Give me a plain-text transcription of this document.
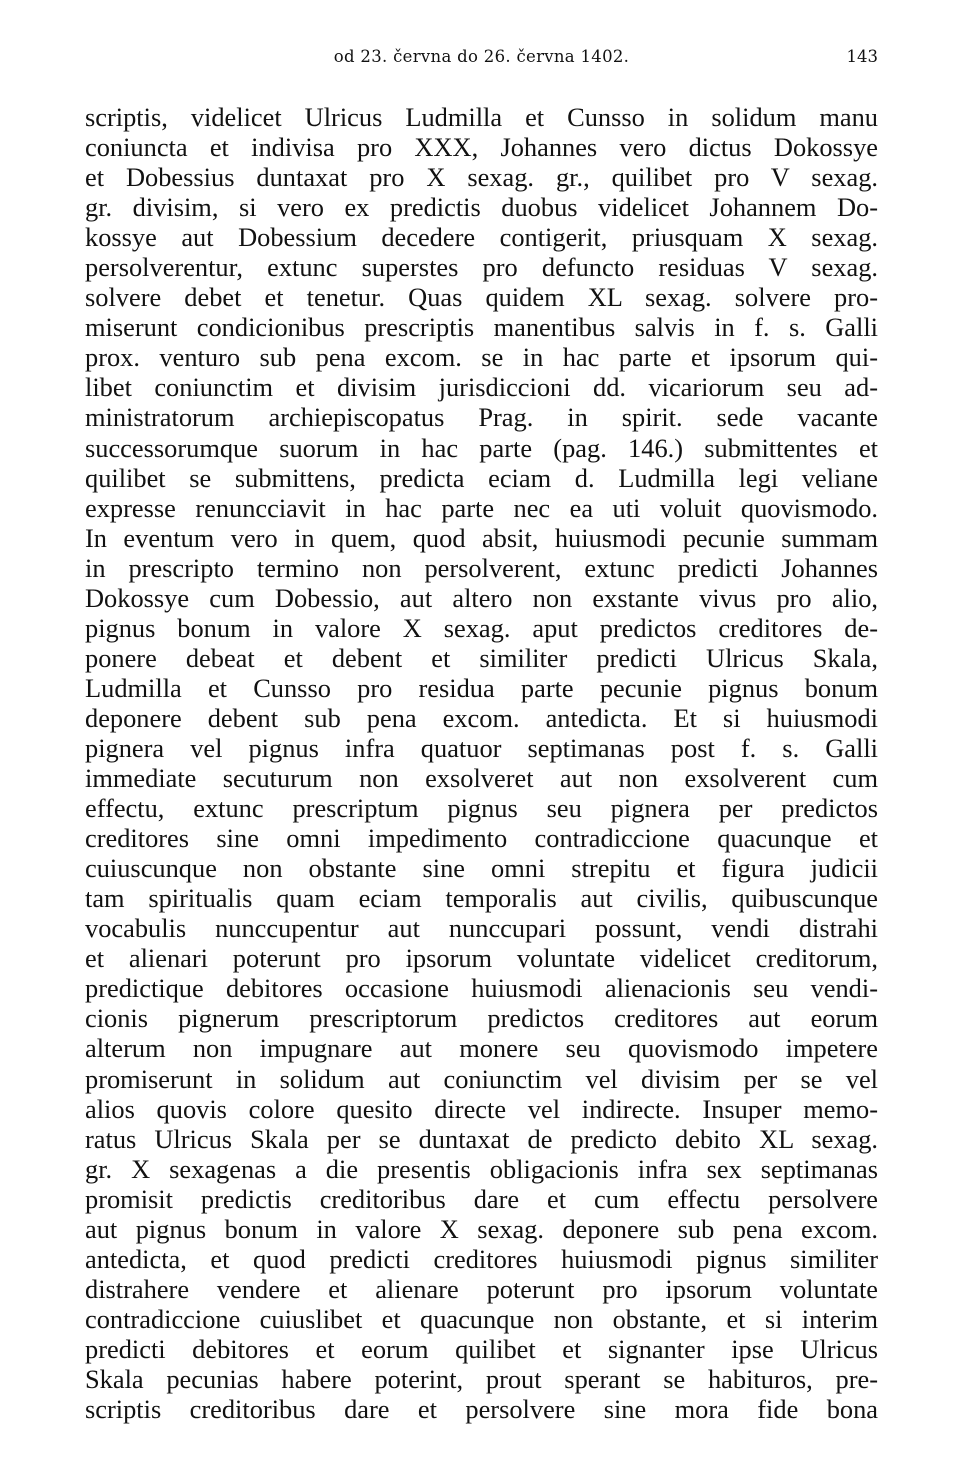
od 23. června do 26. června 1402.	143
scriptis, videlicet Ulricus Ludmilla et Cunsso in solidum manu
coniuncta et indivisa pro XXX, Johannes vero dictus Dokossye
et Dobessius duntaxat pro X sexag. gr., quilibet pro V sexag.
gr. divisim, si vero ex predictis duobus videlicet Johannem Do-
kossye aut Dobessium decedere contigerit, priusquam X sexag.
persolverentur, extunc superstes pro defuncto residuas V sexag.
solvere debet et tenetur. Quas quidem XL sexag. solvere pro-
miserunt condicionibus prescriptis manentibus salvis in f. s. Galli
prox. venturo sub pena excom. se in hac parte et ipsorum qui-
libet coniunctim et divisim jurisdiccioni dd. vicariorum seu ad-
ministratorum archiepiscopatus Prag. in spirit. sede vacante
successorumque suorum in hac parte (pag. 146.) submittentes et
quilibet se submittens, predicta eciam d. Ludmilla legi veliane
expresse renuncciavit in hac parte nec ea uti voluit quovismodo.
In eventum vero in quem, quod absit, huiusmodi pecunie summam
in prescripto termino non persolverent, extunc predicti Johannes
Dokossye cum Dobessio, aut altero non exstante vivus pro alio,
pignus bonum in valore X sexag. aput predictos creditores de-
ponere debeat et debent et similiter predicti Ulricus Skala,
Ludmilla et Cunsso pro residua parte pecunie pignus bonum
deponere debent sub pena excom. antedicta. Et si huiusmodi
pignera vel pignus infra quatuor septimanas post f. s. Galli
immediate secuturum non exsolveret aut non exsolverent cum
effectu, extunc prescriptum pignus seu pignera per predictos
creditores sine omni impedimento contradiccione quacunque et
cuiuscunque non obstante sine omni strepitu et figura judicii
tam spiritualis quam eciam temporalis aut civilis, quibuscunque
vocabulis nunccupentur aut nunccupari possunt, vendi distrahi
et alienari poterunt pro ipsorum voluntate videlicet creditorum,
predictique debitores occasione huiusmodi alienacionis seu vendi-
cionis pignerum prescriptorum predictos creditores aut eorum
alterum non impugnare aut monere seu quovismodo impetere
promiserunt in solidum aut coniunctim vel divisim per se vel
alios quovis colore quesito directe vel indirecte. Insuper memo-
ratus Ulricus Skala per se duntaxat de predicto debito XL sexag.
gr. X sexagenas a die presentis obligacionis infra sex septimanas
promisit predictis creditoribus dare et cum effectu persolvere
aut pignus bonum in valore X sexag. deponere sub pena excom.
antedicta, et quod predicti creditores huiusmodi pignus similiter
distrahere vendere et alienare poterunt pro ipsorum voluntate
contradiccione cuiuslibet et quacunque non obstante, et si interim
predicti debitores et eorum quilibet et signanter ipse Ulricus
Skala pecunias habere poterint, prout sperant se habituros, pre-
scriptis creditoribus dare et persolvere sine mora fide bona
